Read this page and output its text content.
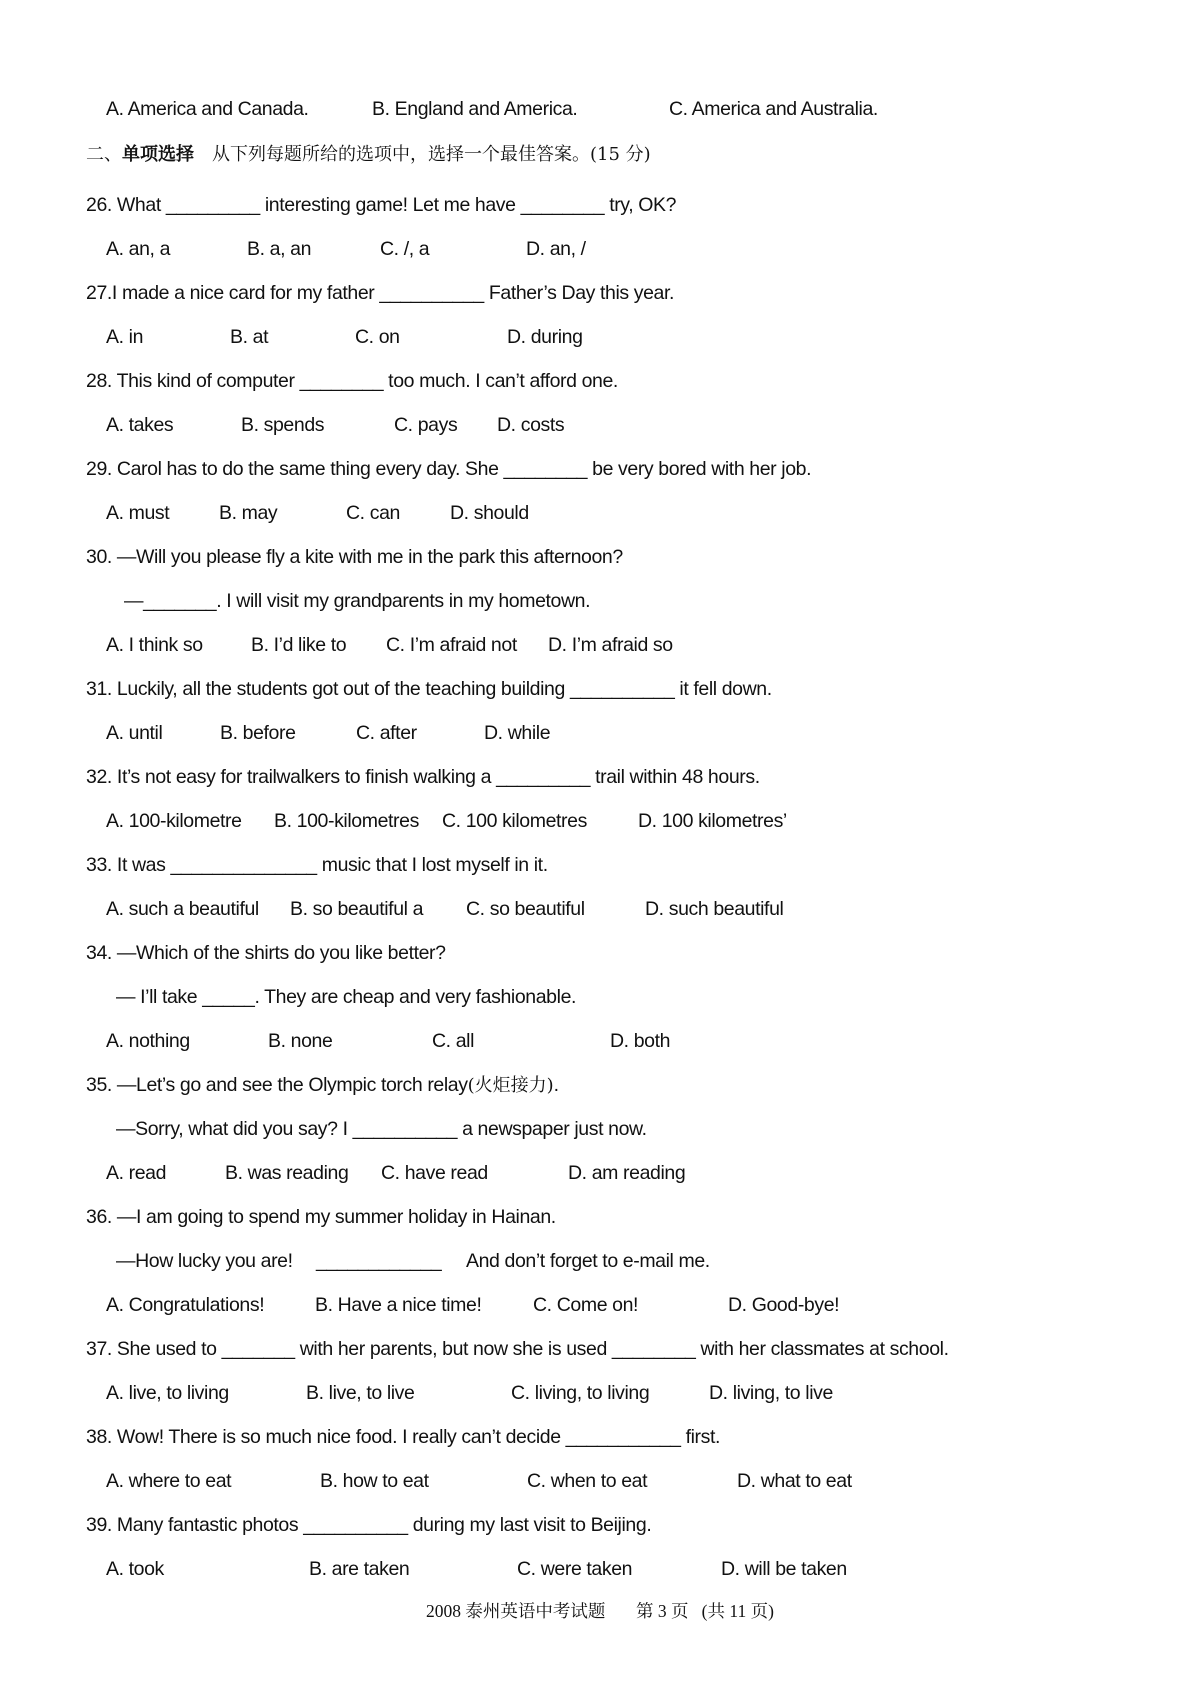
A. America and Canada.	B. England and America.	C. America and Australia.
二、单项选择 从下列每题所给的选项中，选择一个最佳答案。(15 分)
26. What _________ interesting game! Let me have ________ try, OK?
A. an, a	B. a, an	C. /, a	D. an, /
27.I made a nice card for my father __________ Father’s Day this year.
A. in	B. at	C. on	D. during
28. This kind of computer ________ too much. I can’t afford one.
A. takes	B. spends	C. pays D. costs
29. Carol has to do the same thing every day. She ________ be very bored with her job.
A. must	B. may	C. can	D. should
30. —Will you please fly a kite with me in the park this afternoon?
—_______. I will visit my grandparents in my hometown.
A. I think so B. I’d like to C. I’m afraid not D. I’m afraid so
31. Luckily, all the students got out of the teaching building __________ it fell down.
A. until	B. before	C. after	D. while
32. It’s not easy for trailwalkers to finish walking a _________ trail within 48 hours.
A. 100-kilometre B. 100-kilometres C. 100 kilometres	D. 100 kilometres’
33. It was ______________ music that I lost myself in it.
A. such a beautiful B. so beautiful a C. so beautiful	D. such beautiful
34. —Which of the shirts do you like better?
— I’ll take _____. They are cheap and very fashionable.
A. nothing	B. none	C. all	D. both
35. —Let’s go and see the Olympic torch relay(火炬接力).
—Sorry, what did you say? I __________ a newspaper just now.
A. read	B. was reading C. have read	D. am reading
36. —I am going to spend my summer holiday in Hainan.
—How lucky you are! ____________ And don’t forget to e-mail me.
A. Congratulations!	B. Have a nice time!	C. Come on!	D. Good-bye!
37. She used to _______ with her parents, but now she is used ________ with her classmates at school.
A. live, to living	B. live, to live	C. living, to living	D. living, to live
38. Wow! There is so much nice food. I really can’t decide ___________ first.
A. where to eat	B. how to eat	C. when to eat	D. what to eat
39. Many fantastic photos __________ during my last visit to Beijing.
A. took	B. are taken	C. were taken	D. will be taken
2008 泰州英语中考试题 第 3 页 (共 11 页)
